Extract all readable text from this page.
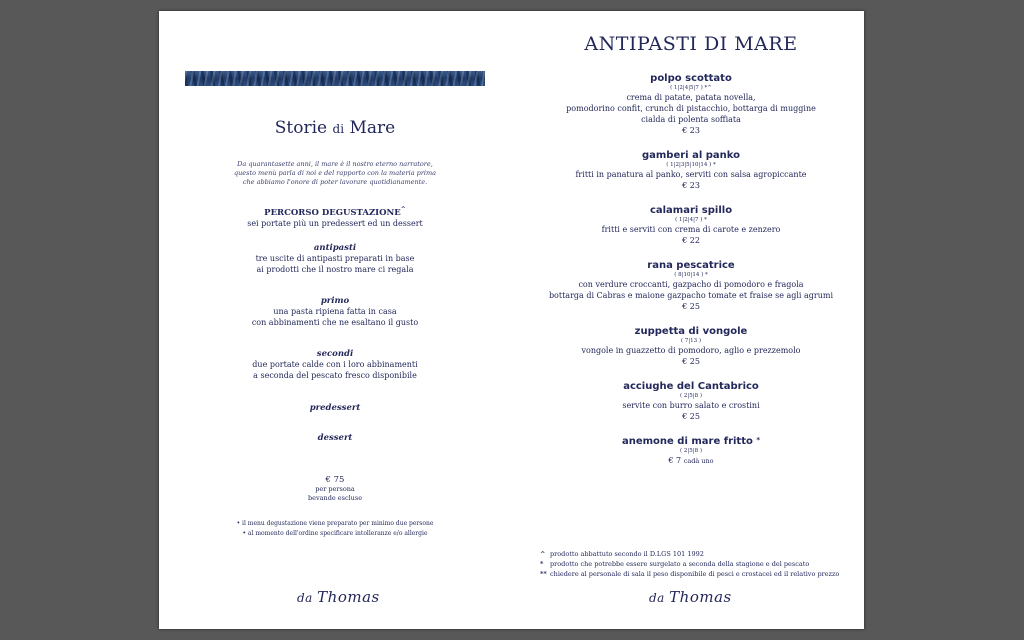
Storie di Mare
Da quarantasette anni, il mare è il nostro eterno narratore,
questo menù parla di noi e del rapporto con la materia prima
che abbiamo l'onore di poter lavorare quotidianamente.
PERCORSO DEGUSTAZIONE^
sei portate più un predessert ed un dessert
antipasti
tre uscite di antipasti preparati in base
ai prodotti che il nostro mare ci regala
primo
una pasta ripiena fatta in casa
con abbinamenti che ne esaltano il gusto
secondi
due portate calde con i loro abbinamenti
a seconda del pescato fresco disponibile
predessert
dessert
€ 75
per persona
bevande escluse
• il menu degustazione viene preparato per minimo due persone
• al momento dell'ordine specificare intolleranze e/o allergie
da Thomas
ANTIPASTI DI MARE
polpo scottato
( 1|2|4|5|7 ) *^
crema di patate, patata novella,
pomodorino confit, crunch di pistacchio, bottarga di muggine
cialda di polenta soffiata
€ 23
gamberi al panko
( 1|2|3|5|10|14 ) *
fritti in panatura al panko, serviti con salsa agropiccante
€ 23
calamari spillo
( 1|2|4|7 ) *
fritti e serviti con crema di carote e zenzero
€ 22
rana pescatrice
( 8|10|14 ) *
con verdure croccanti, gazpacho di pomodoro e fragola
bottarga di Cabras e maione gazpacho tomate et fraise se agli agrumi
€ 25
zuppetta di vongole
( 7|13 )
vongole in guazzetto di pomodoro, aglio e prezzemolo
€ 25
acciughe del Cantabrico
( 2|5|8 )
servite con burro salato e crostini
€ 25
anemone di mare fritto *
( 2|5|8 )
€ 7 cadà uno
^ prodotto abbattuto secondo il D.LGS 101 1992
* prodotto che potrebbe essere surgelato a seconda della stagione e del pescato
** chiedere al personale di sala il peso disponibile di pesci e crostacei ed il relativo prezzo
da Thomas
